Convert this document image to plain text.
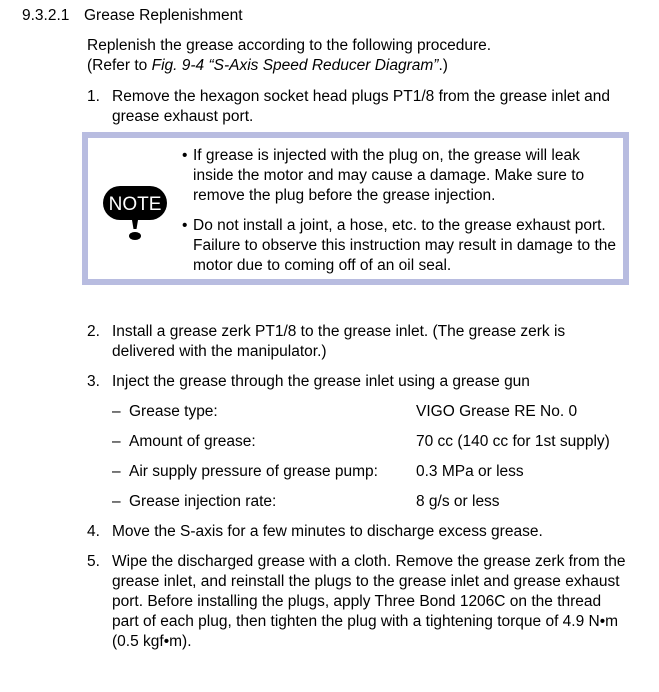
9.3.2.1 Grease Replenishment
Replenish the grease according to the following procedure.
(Refer to Fig. 9-4 “S-Axis Speed Reducer Diagram”.)
1. Remove the hexagon socket head plugs PT1/8 from the grease inlet and grease exhaust port.
NOTE
• If grease is injected with the plug on, the grease will leak inside the motor and may cause a damage. Make sure to remove the plug before the grease injection.
• Do not install a joint, a hose, etc. to the grease exhaust port. Failure to observe this instruction may result in damage to the motor due to coming off of an oil seal.
2. Install a grease zerk PT1/8 to the grease inlet. (The grease zerk is delivered with the manipulator.)
3. Inject the grease through the grease inlet using a grease gun
– Grease type:	VIGO Grease RE No. 0
– Amount of grease:	70 cc (140 cc for 1st supply)
– Air supply pressure of grease pump: 0.3 MPa or less
– Grease injection rate:	8 g/s or less
4. Move the S-axis for a few minutes to discharge excess grease.
5. Wipe the discharged grease with a cloth. Remove the grease zerk from the grease inlet, and reinstall the plugs to the grease inlet and grease exhaust port. Before installing the plugs, apply Three Bond 1206C on the thread part of each plug, then tighten the plug with a tightening torque of 4.9 N•m (0.5 kgf•m).
